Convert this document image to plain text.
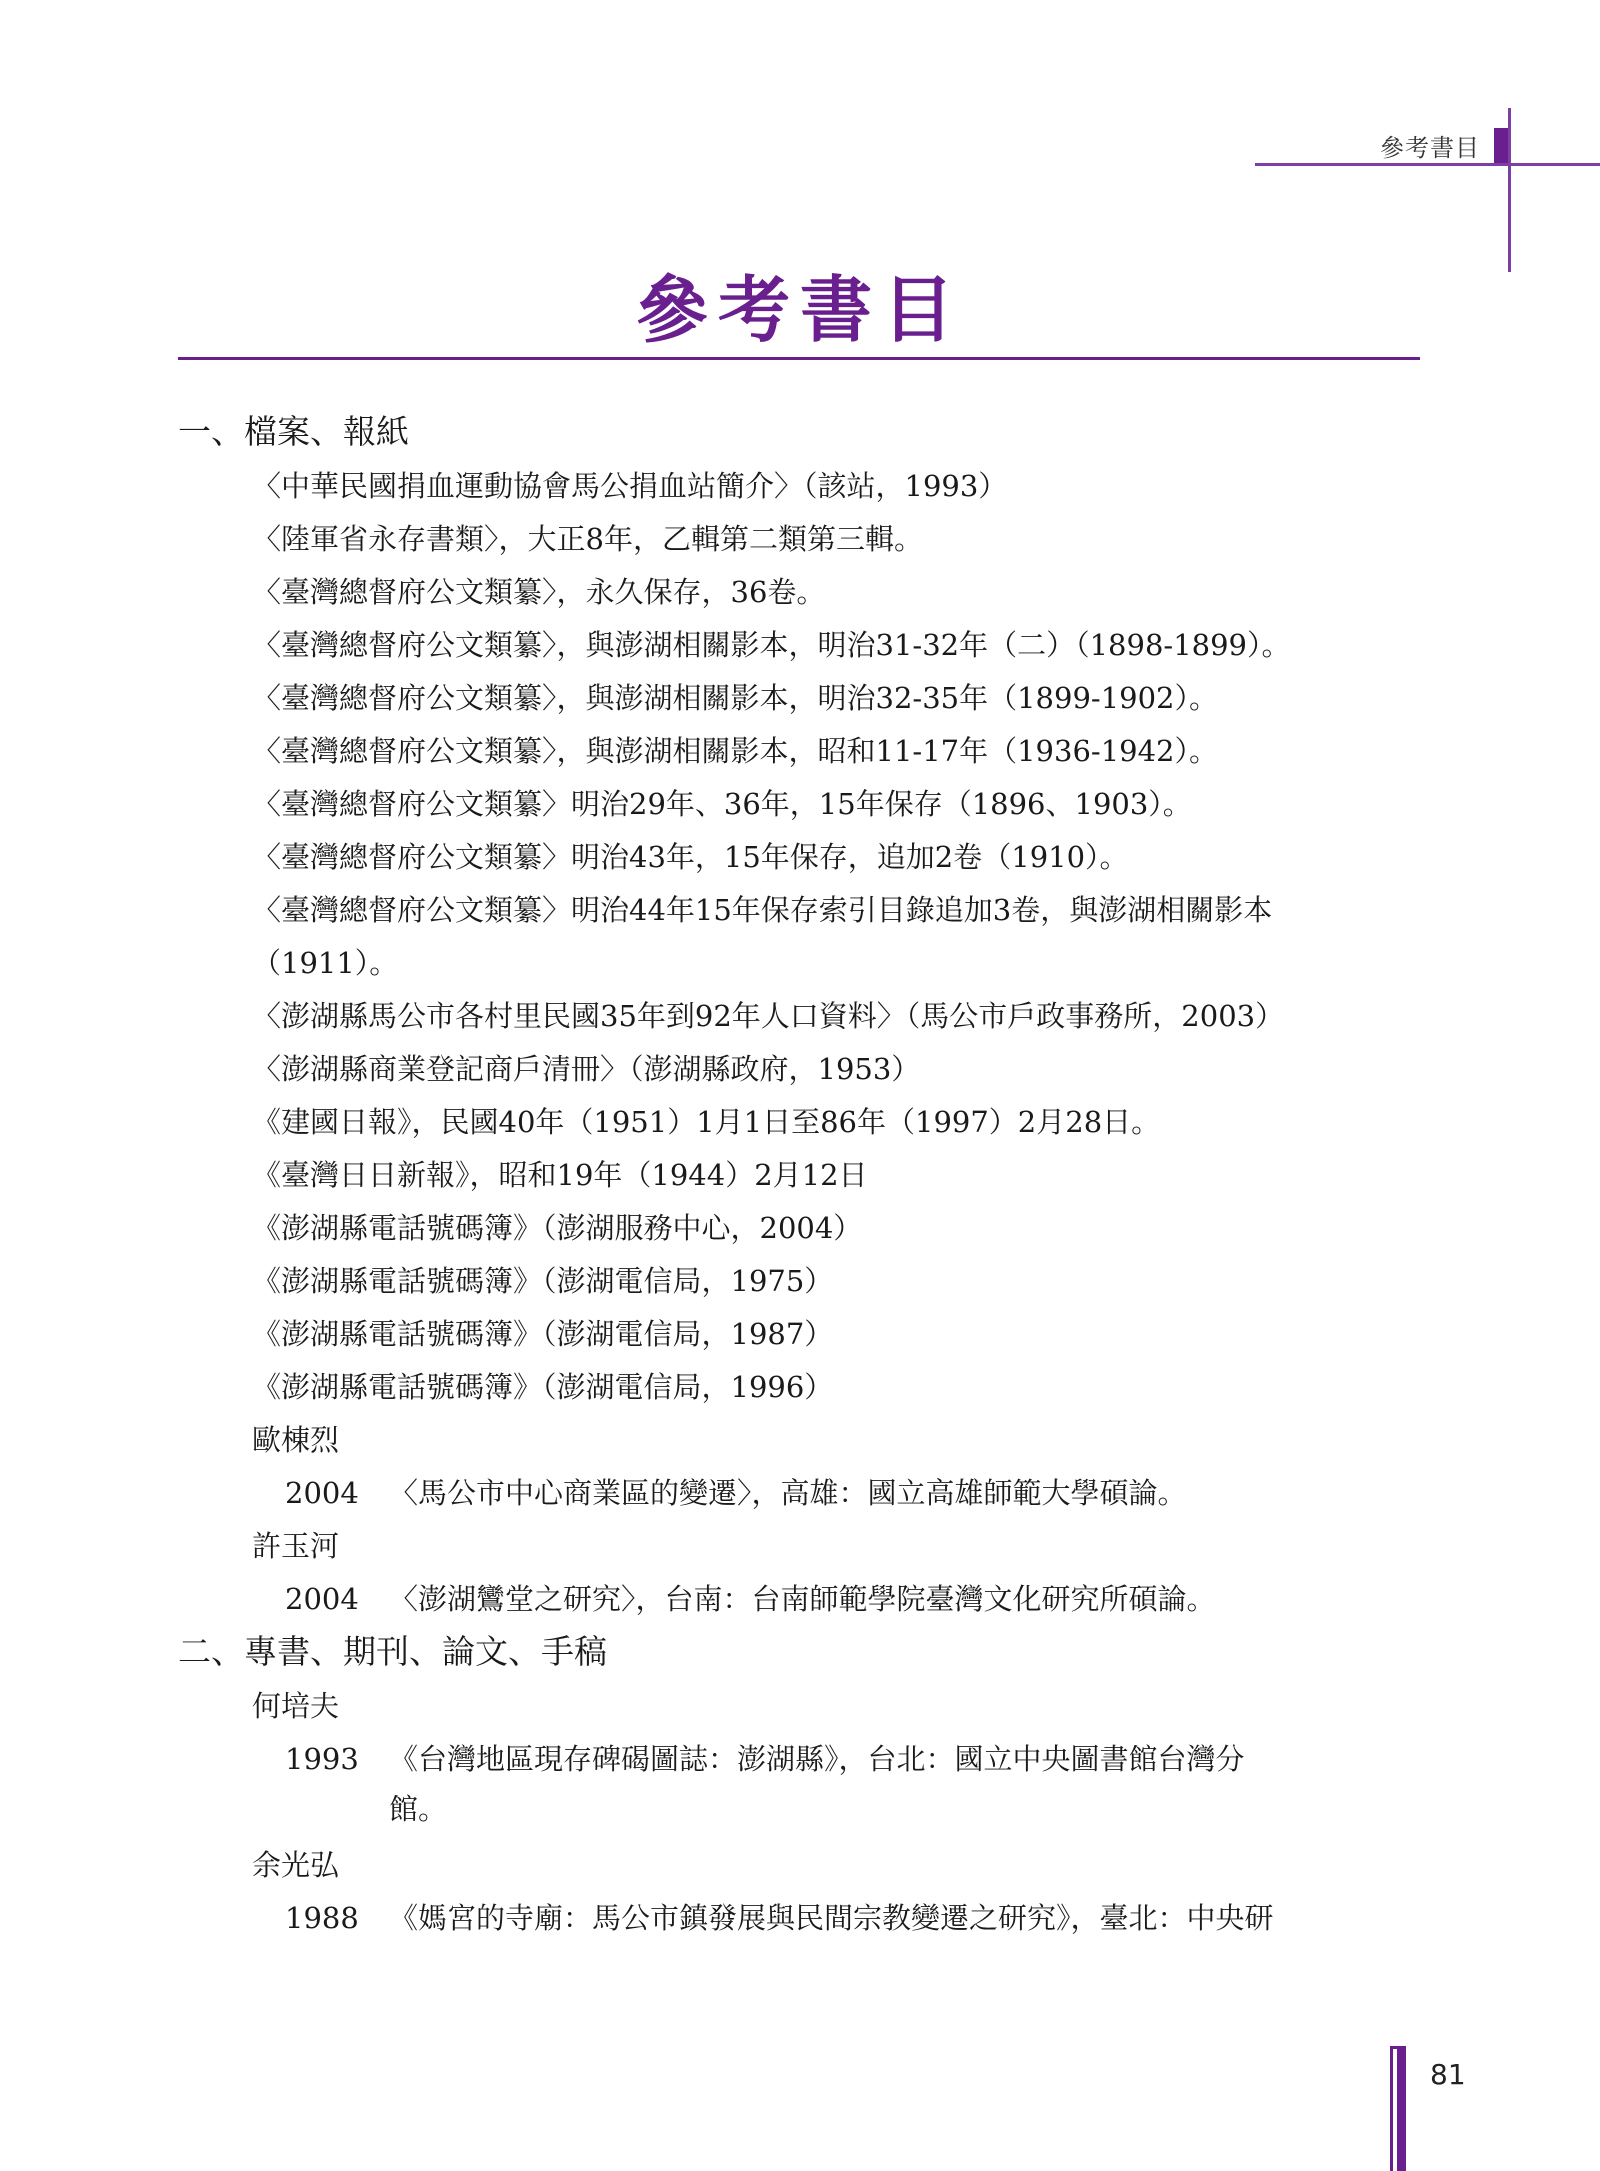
參考書目
參考書目
一、檔案、報紙
〈中華民國捐血運動協會馬公捐血站簡介〉（該站，1993）
〈陸軍省永存書類〉，大正8年，乙輯第二類第三輯。
〈臺灣總督府公文類纂〉，永久保存，36卷。
〈臺灣總督府公文類纂〉，與澎湖相關影本，明治31-32年（二）（1898-1899）。
〈臺灣總督府公文類纂〉，與澎湖相關影本，明治32-35年（1899-1902）。
〈臺灣總督府公文類纂〉，與澎湖相關影本，昭和11-17年（1936-1942）。
〈臺灣總督府公文類纂〉明治29年、36年，15年保存（1896、1903）。
〈臺灣總督府公文類纂〉明治43年，15年保存，追加2卷（1910）。
〈臺灣總督府公文類纂〉明治44年15年保存索引目錄追加3卷，與澎湖相關影本
（1911）。
〈澎湖縣馬公市各村里民國35年到92年人口資料〉（馬公市戶政事務所，2003）
〈澎湖縣商業登記商戶清冊〉（澎湖縣政府，1953）
《建國日報》，民國40年（1951）1月1日至86年（1997）2月28日。
《臺灣日日新報》，昭和19年（1944）2月12日
《澎湖縣電話號碼簿》（澎湖服務中心，2004）
《澎湖縣電話號碼簿》（澎湖電信局，1975）
《澎湖縣電話號碼簿》（澎湖電信局，1987）
《澎湖縣電話號碼簿》（澎湖電信局，1996）
歐棟烈
2004 〈馬公市中心商業區的變遷〉，高雄：國立高雄師範大學碩論。
許玉河
2004 〈澎湖鸞堂之研究〉，台南：台南師範學院臺灣文化研究所碩論。
二、專書、期刊、論文、手稿
何培夫
1993 《台灣地區現存碑碣圖誌：澎湖縣》，台北：國立中央圖書館台灣分
館。
余光弘
1988 《媽宮的寺廟：馬公市鎮發展與民間宗教變遷之研究》，臺北：中央研
81
